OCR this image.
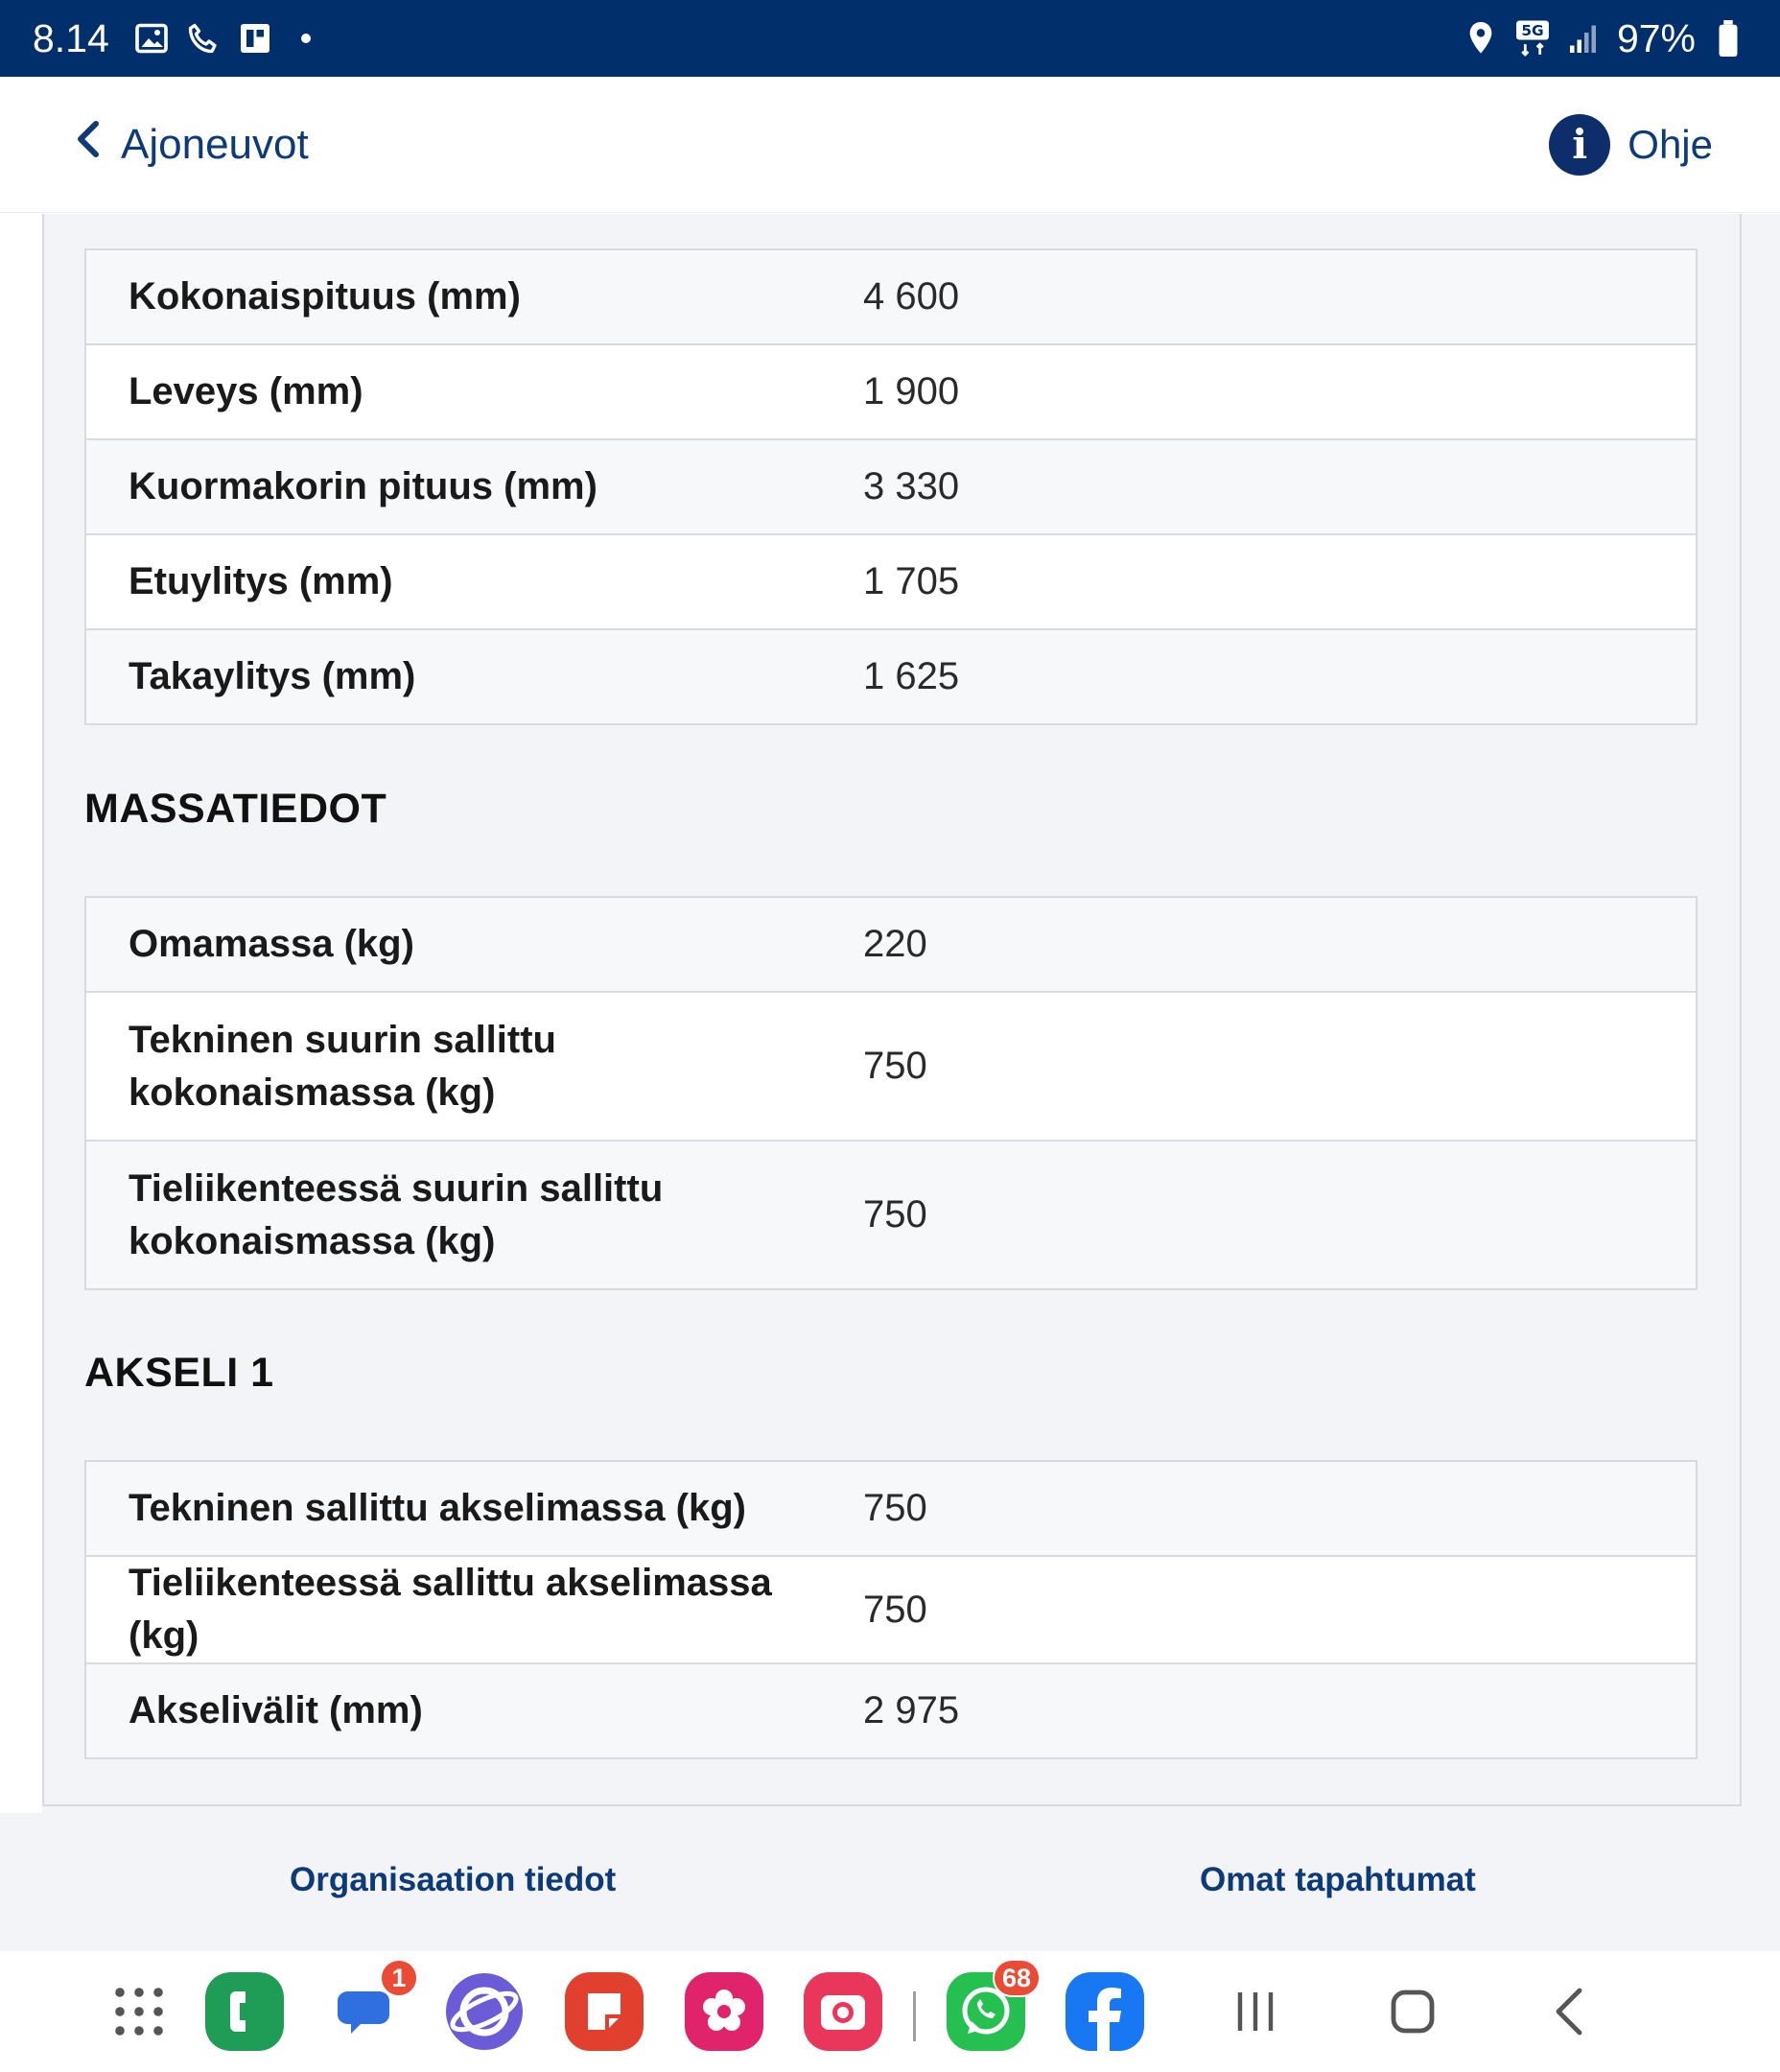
8.14	5G 97%
Ajoneuvot	i	Ohje
Kokonaispituus (mm)	4 600
Leveys (mm)	1 900
Kuormakorin pituus (mm)	3 330
Etuylitys (mm)	1 705
Takaylitys (mm)	1 625
MASSATIEDOT
Omamassa (kg)	220
Tekninen suurin sallittu kokonaismassa (kg)	750
Tieliikenteessä suurin sallittu kokonaismassa (kg)	750
AKSELI 1
Tekninen sallittu akselimassa (kg)	750
Tieliikenteessä sallittu akselimassa (kg)	750
Akselivälit (mm)	2 975
Organisaation tiedot	Omat tapahtumat
1	68
